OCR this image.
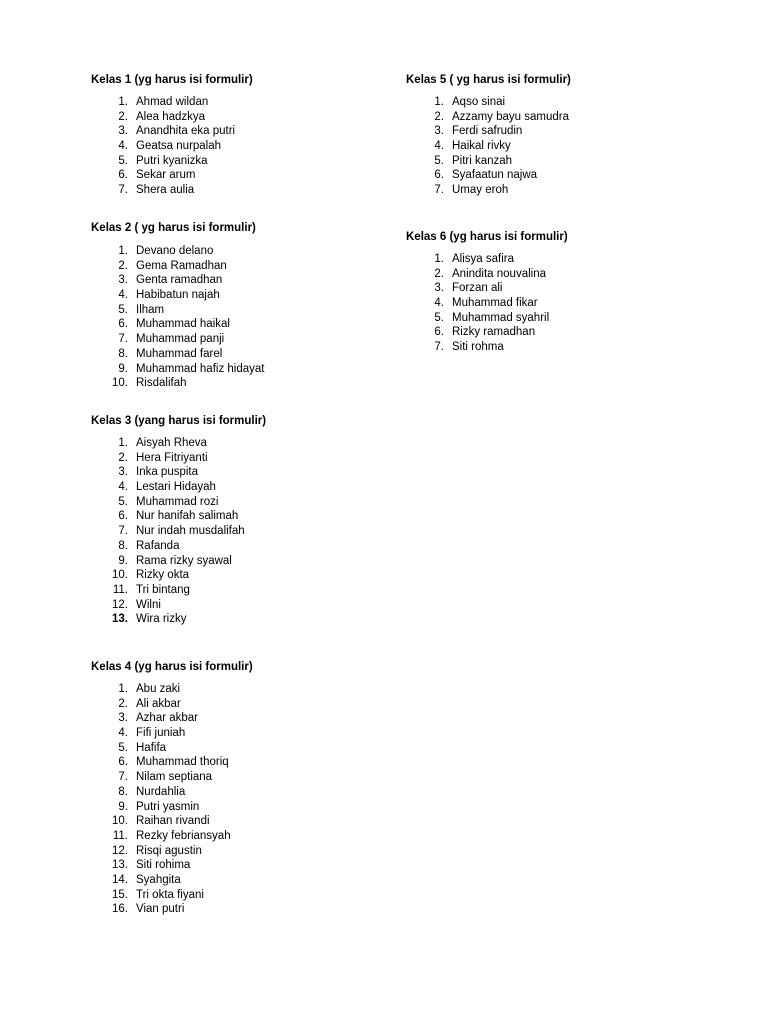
Kelas 1 (yg harus isi formulir)

1. Ahmad wildan
2. Alea hadzkya
3. Anandhita eka putri
4. Geatsa nurpalah
5. Putri kyanizka
6. Sekar arum
7. Shera aulia

Kelas 2 ( yg harus isi formulir)

1. Devano delano
2. Gema Ramadhan
3. Genta ramadhan
4. Habibatun najah
5. Ilham
6. Muhammad haikal
7. Muhammad panji
8. Muhammad farel
9. Muhammad hafiz hidayat
10. Risdalifah

Kelas 3 (yang harus isi formulir)

1. Aisyah Rheva
2. Hera Fitriyanti
3. Inka puspita
4. Lestari Hidayah
5. Muhammad rozi
6. Nur hanifah salimah
7. Nur indah musdalifah
8. Rafanda
9. Rama rizky syawal
10. Rizky okta
11. Tri bintang
12. Wilni
13. Wira rizky

Kelas 4 (yg harus isi formulir)

1. Abu zaki
2. Ali akbar
3. Azhar akbar
4. Fifi juniah
5. Hafifa
6. Muhammad thoriq
7. Nilam septiana
8. Nurdahlia
9. Putri yasmin
10. Raihan rivandi
11. Rezky febriansyah
12. Risqi agustin
13. Siti rohima
14. Syahgita
15. Tri okta fiyani
16. Vian putri

Kelas 5 ( yg harus isi formulir)

1. Aqso sinai
2. Azzamy bayu samudra
3. Ferdi safrudin
4. Haikal rivky
5. Pitri kanzah
6. Syafaatun najwa
7. Umay eroh

Kelas 6 (yg harus isi formulir)

1. Alisya safira
2. Anindita nouvalina
3. Forzan ali
4. Muhammad fikar
5. Muhammad syahril
6. Rizky ramadhan
7. Siti rohma
